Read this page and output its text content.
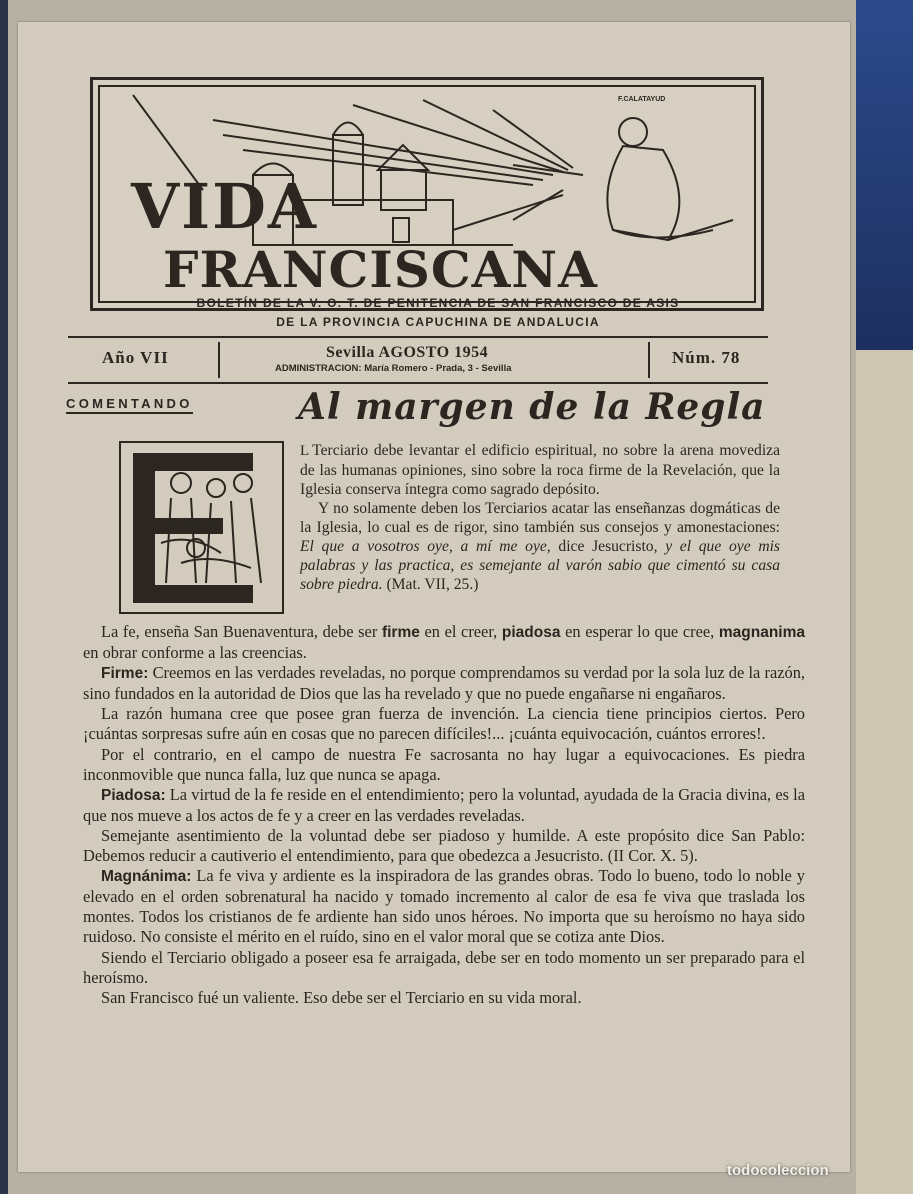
F.CALATAYUD
VIDA
FRANCISCANA
BOLETÍN DE LA V. O. T. DE PENITENCIA DE SAN FRANCISCO DE ASIS
DE LA PROVINCIA CAPUCHINA DE ANDALUCIA
Año VII	Sevilla AGOSTO 1954
ADMINISTRACION: María Romero - Prada, 3 - Sevilla
Núm. 78
COMENTANDO	Al margen de la Regla

L Terciario debe levantar el edificio espiritual, no sobre la arena movediza de las humanas opiniones, sino sobre la roca firme de la Revelación, que la Iglesia conserva íntegra como sagrado depósito.

Y no solamente deben los Terciarios acatar las enseñanzas dogmáticas de la Iglesia, lo cual es de rigor, sino también sus consejos y amonestaciones: El que a vosotros oye, a mí me oye, dice Jesucristo, y el que oye mis palabras y las practica, es semejante al varón sabio que cimentó su casa sobre piedra. (Mat. VII, 25.)

La fe, enseña San Buenaventura, debe ser firme en el creer, piadosa en esperar lo que cree, magnanima en obrar conforme a las creencias.

Firme: Creemos en las verdades reveladas, no porque comprendamos su verdad por la sola luz de la razón, sino fundados en la autoridad de Dios que las ha revelado y que no puede engañarse ni engañaros.

La razón humana cree que posee gran fuerza de invención. La ciencia tiene principios ciertos. Pero ¡cuántas sorpresas sufre aún en cosas que no parecen difíciles!... ¡cuánta equivocación, cuántos errores!.

Por el contrario, en el campo de nuestra Fe sacrosanta no hay lugar a equivocaciones. Es piedra inconmovible que nunca falla, luz que nunca se apaga.

Piadosa: La virtud de la fe reside en el entendimiento; pero la voluntad, ayudada de la Gracia divina, es la que nos mueve a los actos de fe y a creer en las verdades reveladas.

Semejante asentimiento de la voluntad debe ser piadoso y humilde. A este propósito dice San Pablo: Debemos reducir a cautiverio el entendimiento, para que obedezca a Jesucristo. (II Cor. X. 5).

Magnánima: La fe viva y ardiente es la inspiradora de las grandes obras. Todo lo bueno, todo lo noble y elevado en el orden sobrenatural ha nacido y tomado incremento al calor de esa fe viva que traslada los montes. Todos los cristianos de fe ardiente han sido unos héroes. No importa que su heroísmo no haya sido ruidoso. No consiste el mérito en el ruído, sino en el valor moral que se cotiza ante Dios.

Siendo el Terciario obligado a poseer esa fe arraigada, debe ser en todo momento un ser preparado para el heroísmo.

San Francisco fué un valiente. Eso debe ser el Terciario en su vida moral.

todocoleccion
